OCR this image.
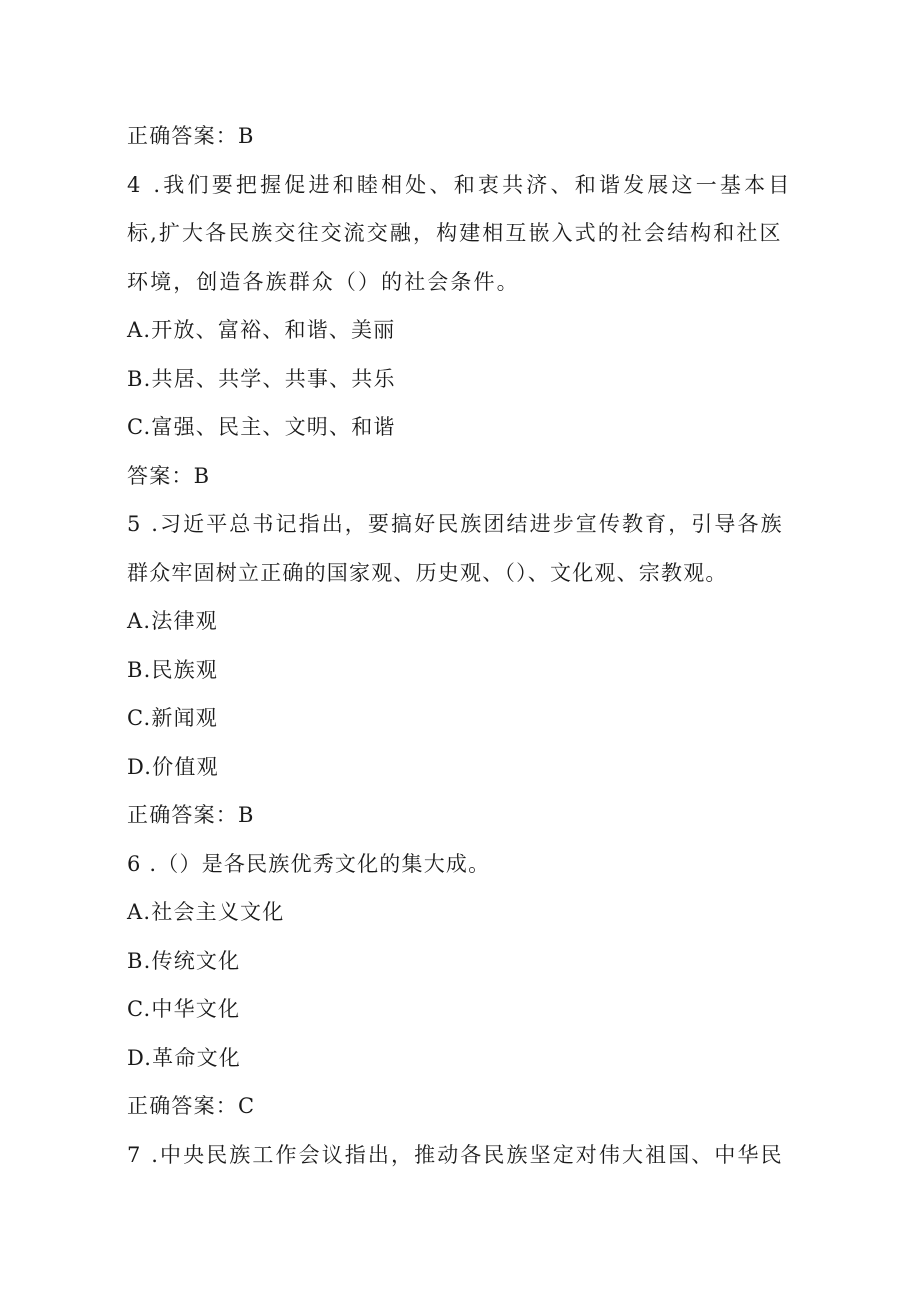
正确答案：B
4 .我们要把握促进和睦相处、和衷共济、和谐发展这一基本目
标,扩大各民族交往交流交融，构建相互嵌入式的社会结构和社区
环境，创造各族群众（）的社会条件。
A.开放、富裕、和谐、美丽
B.共居、共学、共事、共乐
C.富强、民主、文明、和谐
答案：B
5 .习近平总书记指出，要搞好民族团结进步宣传教育，引导各族
群众牢固树立正确的国家观、历史观、（）、文化观、宗教观。
A.法律观
B.民族观
C.新闻观
D.价值观
正确答案：B
6 .（）是各民族优秀文化的集大成。
A.社会主义文化
B.传统文化
C.中华文化
D.革命文化
正确答案：C
7 .中央民族工作会议指出，推动各民族坚定对伟大祖国、中华民
